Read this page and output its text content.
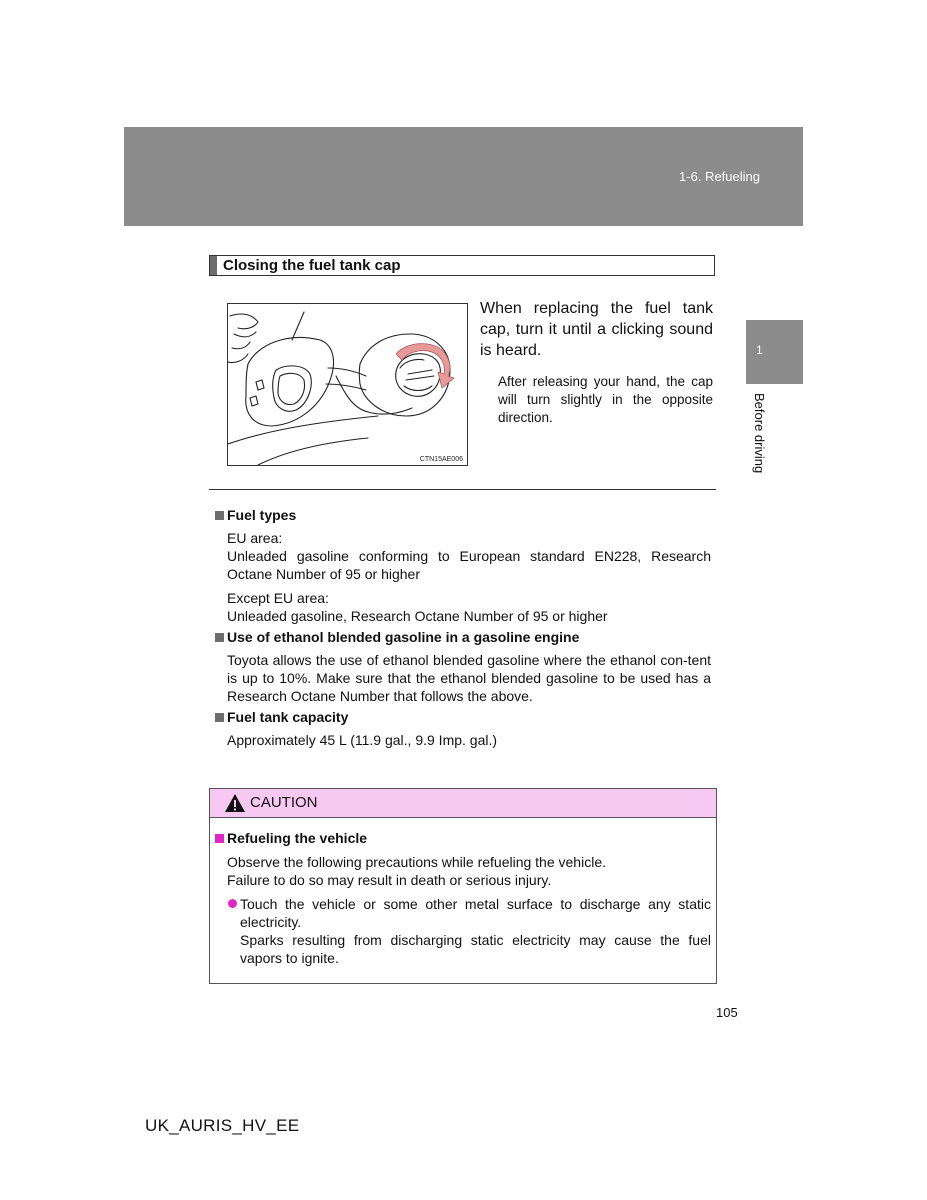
1-6. Refueling
1
Before driving
Closing the fuel tank cap
CTN15AE006
When replacing the fuel tank cap, turn it until a clicking sound is heard.
After releasing your hand, the cap will turn slightly in the opposite direction.
Fuel types

EU area:
Unleaded gasoline conforming to European standard EN228, Research Octane Number of 95 or higher

Except EU area:
Unleaded gasoline, Research Octane Number of 95 or higher

Use of ethanol blended gasoline in a gasoline engine

Toyota allows the use of ethanol blended gasoline where the ethanol con-tent is up to 10%. Make sure that the ethanol blended gasoline to be used has a Research Octane Number that follows the above.

Fuel tank capacity

Approximately 45 L (11.9 gal., 9.9 Imp. gal.)

CAUTION
Refueling the vehicle
Observe the following precautions while refueling the vehicle.
Failure to do so may result in death or serious injury.
Touch the vehicle or some other metal surface to discharge any static electricity.
Sparks resulting from discharging static electricity may cause the fuel vapors to ignite.
105
UK_AURIS_HV_EE
